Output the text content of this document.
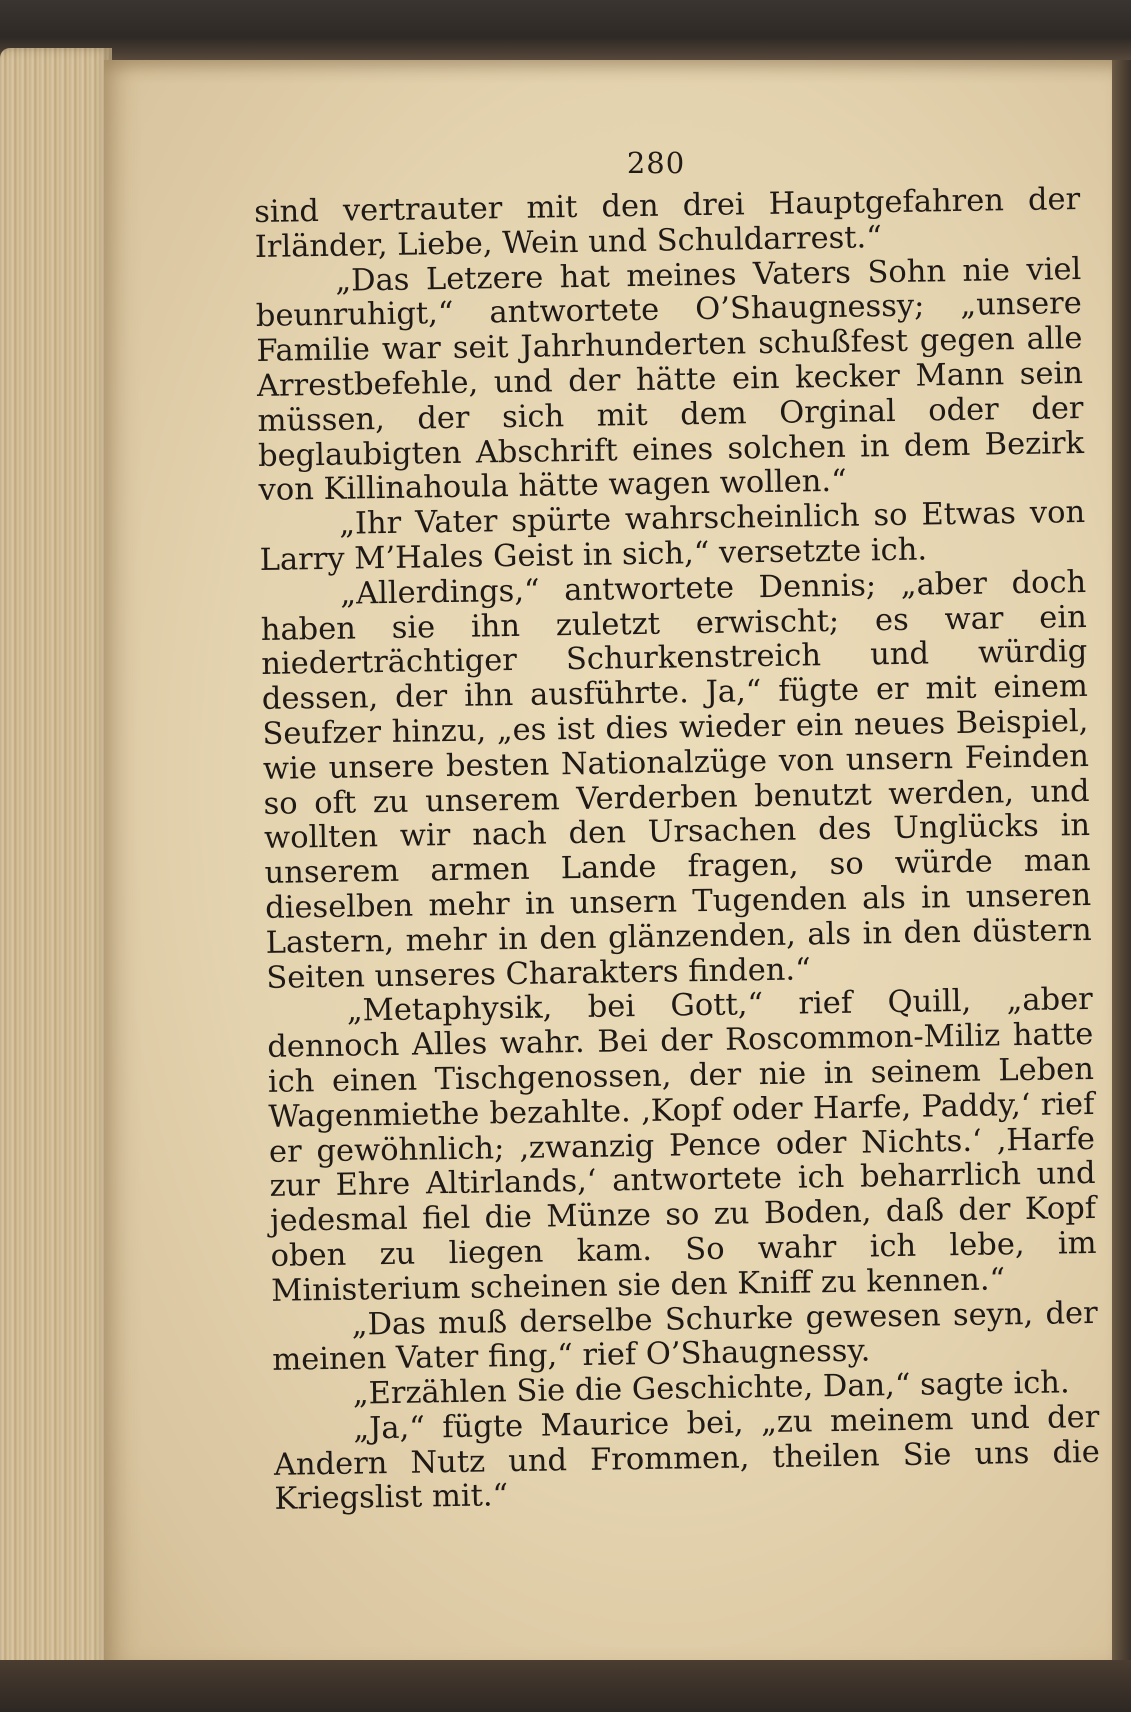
280

sind vertrauter mit den drei Hauptgefahren der Irländer, Liebe, Wein und Schuldarrest.“

„Das Letzere hat meines Vaters Sohn nie viel beunruhigt,“ antwortete O’Shaugnessy; „unsere Familie war seit Jahrhunderten schußfest gegen alle Arrestbefehle, und der hätte ein kecker Mann sein müssen, der sich mit dem Orginal oder der beglaubigten Abschrift eines solchen in dem Bezirk von Killinahoula hätte wagen wollen.“

„Ihr Vater spürte wahrscheinlich so Etwas von Larry M’Hales Geist in sich,“ versetzte ich.

„Allerdings,“ antwortete Dennis; „aber doch haben sie ihn zuletzt erwischt; es war ein niederträchtiger Schurkenstreich und würdig dessen, der ihn ausführte. Ja,“ fügte er mit einem Seufzer hinzu, „es ist dies wieder ein neues Beispiel, wie unsere besten Nationalzüge von unsern Feinden so oft zu unserem Verderben benutzt werden, und wollten wir nach den Ursachen des Unglücks in unserem armen Lande fragen, so würde man dieselben mehr in unsern Tugenden als in unseren Lastern, mehr in den glänzenden, als in den düstern Seiten unseres Charakters finden.“

„Metaphysik, bei Gott,“ rief Quill, „aber dennoch Alles wahr. Bei der Roscommon-Miliz hatte ich einen Tischgenossen, der nie in seinem Leben Wagenmiethe bezahlte. ‚Kopf oder Harfe, Paddy,‘ rief er gewöhnlich; ‚zwanzig Pence oder Nichts.‘ ‚Harfe zur Ehre Altirlands,‘ antwortete ich beharrlich und jedesmal fiel die Münze so zu Boden, daß der Kopf oben zu liegen kam. So wahr ich lebe, im Ministerium scheinen sie den Kniff zu kennen.“

„Das muß derselbe Schurke gewesen seyn, der meinen Vater fing,“ rief O’Shaugnessy.

„Erzählen Sie die Geschichte, Dan,“ sagte ich.

„Ja,“ fügte Maurice bei, „zu meinem und der Andern Nutz und Frommen, theilen Sie uns die Kriegslist mit.“
